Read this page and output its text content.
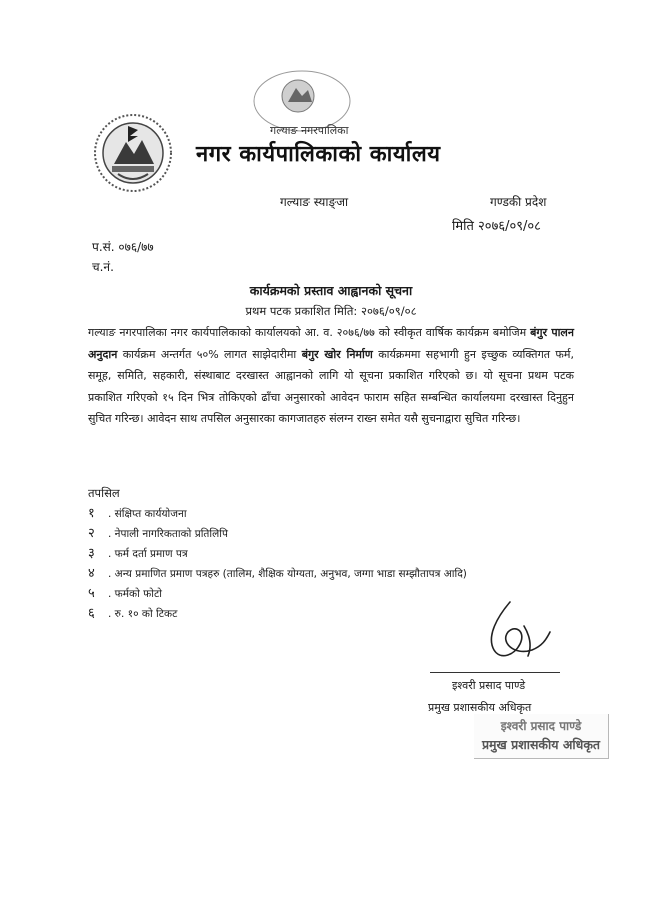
गल्याङ नगरपालिका
नगर कार्यपालिकाको कार्यालय
गल्याङ स्याङ्जा	गण्डकी प्रदेश
मिति २०७६/०९/०८
प.सं. ०७६/७७
च.नं.
कार्यक्रमको प्रस्ताव आह्वानको सूचना
प्रथम पटक प्रकाशित मिति: २०७६/०९/०८
गल्याङ नगरपालिका नगर कार्यपालिकाको कार्यालयको आ. व. २०७६/७७ को स्वीकृत वार्षिक कार्यक्रम बमोजिम बंगुर पालन अनुदान कार्यक्रम अन्तर्गत ५०% लागत साझेदारीमा बंगुर खोर निर्माण कार्यक्रममा सहभागी हुन इच्छुक व्यक्तिगत फर्म, समूह, समिति, सहकारी, संस्थाबाट दरखास्त आह्वानको लागि यो सूचना प्रकाशित गरिएको छ। यो सूचना प्रथम पटक प्रकाशित गरिएको १५ दिन भित्र तोकिएको ढाँचा अनुसारको आवेदन फाराम सहित सम्बन्धित कार्यालयमा दरखास्त दिनुहुन सुचित गरिन्छ। आवेदन साथ तपसिल अनुसारका कागजातहरु संलग्न राख्न समेत यसै सुचनाद्वारा सुचित गरिन्छ।
तपसिल
१ . संक्षिप्त कार्ययोजना
२ . नेपाली नागरिकताको प्रतिलिपि
३ . फर्म दर्ता प्रमाण पत्र
४ . अन्य प्रमाणित प्रमाण पत्रहरु (तालिम, शैक्षिक योग्यता, अनुभव, जग्गा भाडा सम्झौतापत्र आदि)
५ . फर्मको फोटो
६ . रु. १० को टिकट
इश्वरी प्रसाद पाण्डे
प्रमुख प्रशासकीय अधिकृत
इश्वरी प्रसाद पाण्डे
प्रमुख प्रशासकीय अधिकृत
